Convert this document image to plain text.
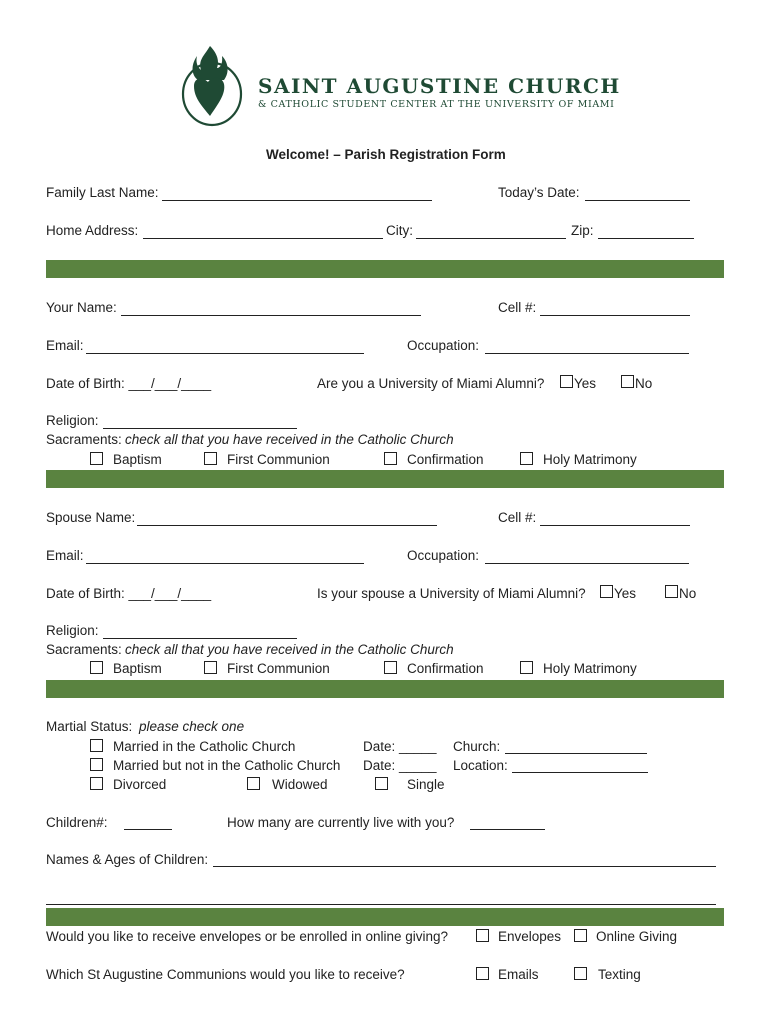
SAINT AUGUSTINE CHURCH
& CATHOLIC STUDENT CENTER AT THE UNIVERSITY OF MIAMI
Welcome! – Parish Registration Form
Family Last Name:	Today’s Date:
Home Address:	City:	Zip:
Your Name:	Cell #:
Email:	Occupation:
Date of Birth: ___/___/____	Are you a University of Miami Alumni? Yes	No
Religion:
Sacraments: check all that you have received in the Catholic Church
Baptism	First Communion	Confirmation	Holy Matrimony
Spouse Name:	Cell #:
Email:	Occupation:
Date of Birth: ___/___/____	Is your spouse a University of Miami Alumni? Yes	No
Religion:
Sacraments: check all that you have received in the Catholic Church
Baptism	First Communion	Confirmation	Holy Matrimony
Martial Status: please check one
Married in the Catholic Church	Date: _____ Church:
Married but not in the Catholic Church Date: _____ Location:
Divorced	Widowed	Single
Children#:	How many are currently live with you?
Names & Ages of Children:
Would you like to receive envelopes or be enrolled in online giving?	Envelopes	Online Giving
Which St Augustine Communions would you like to receive?	Emails	Texting
